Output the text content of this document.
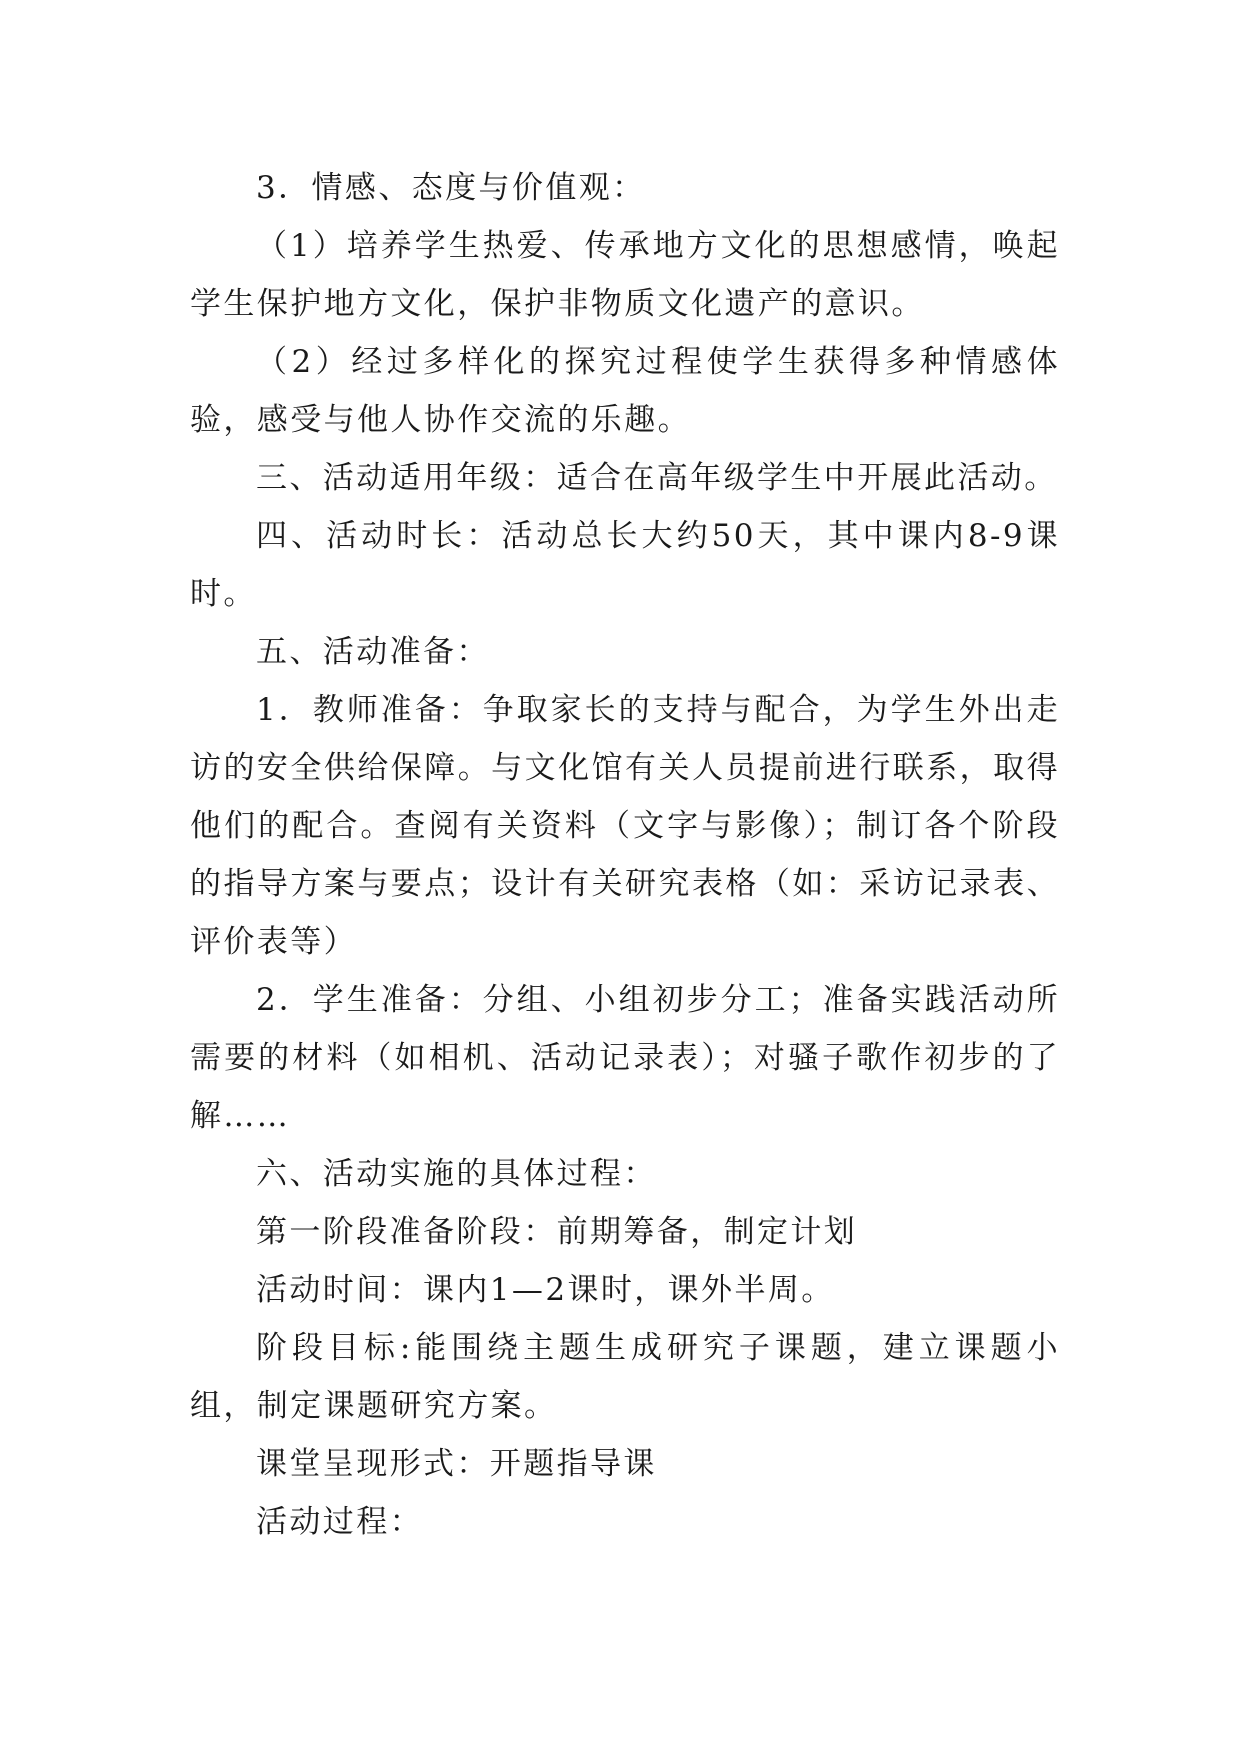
3．情感、态度与价值观：

（1）培养学生热爱、传承地方文化的思想感情，唤起学生保护地方文化，保护非物质文化遗产的意识。

（2）经过多样化的探究过程使学生获得多种情感体验，感受与他人协作交流的乐趣。

三、活动适用年级：适合在高年级学生中开展此活动。

四、活动时长：活动总长大约50天，其中课内8-9课时。

五、活动准备：

1．教师准备：争取家长的支持与配合，为学生外出走访的安全供给保障。与文化馆有关人员提前进行联系，取得他们的配合。查阅有关资料（文字与影像）；制订各个阶段的指导方案与要点；设计有关研究表格（如：采访记录表、评价表等）

2．学生准备：分组、小组初步分工；准备实践活动所需要的材料（如相机、活动记录表）；对骚子歌作初步的了解……

六、活动实施的具体过程：

第一阶段准备阶段：前期筹备，制定计划

活动时间：课内1—2课时，课外半周。

阶段目标:能围绕主题生成研究子课题，建立课题小组，制定课题研究方案。

课堂呈现形式：开题指导课

活动过程：
